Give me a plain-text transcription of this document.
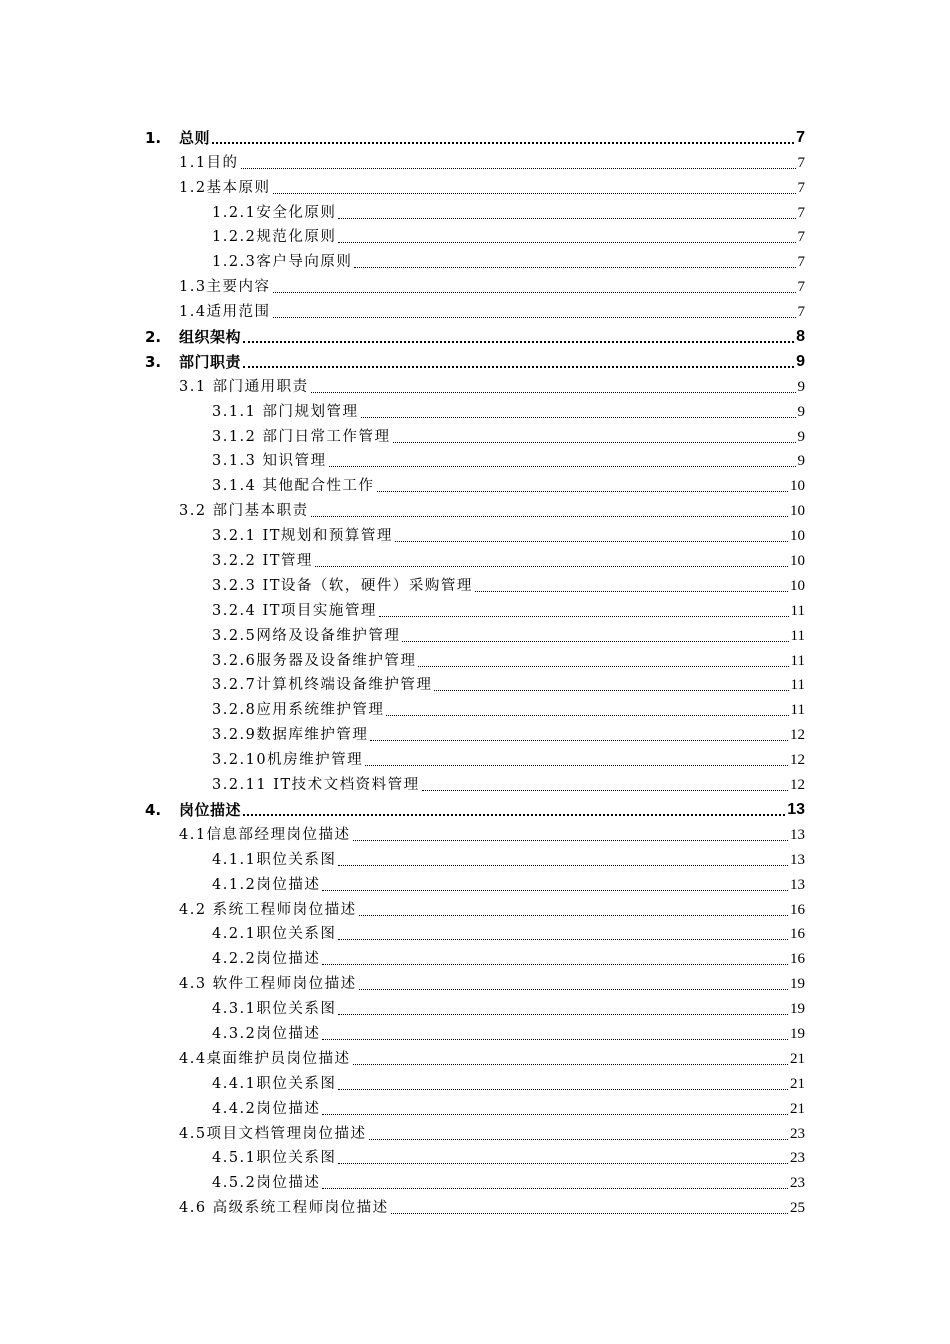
1. 总则	7
1.1目的	7
1.2基本原则	7
1.2.1安全化原则	7
1.2.2规范化原则	7
1.2.3客户导向原则	7
1.3主要内容	7
1.4适用范围	7
2. 组织架构	8
3. 部门职责	9
3.1 部门通用职责	9
3.1.1 部门规划管理	9
3.1.2 部门日常工作管理	9
3.1.3 知识管理	9
3.1.4 其他配合性工作	10
3.2 部门基本职责	10
3.2.1 IT规划和预算管理	10
3.2.2 IT管理	10
3.2.3 IT设备（软，硬件）采购管理	10
3.2.4 IT项目实施管理	11
3.2.5网络及设备维护管理	11
3.2.6服务器及设备维护管理	11
3.2.7计算机终端设备维护管理	11
3.2.8应用系统维护管理	11
3.2.9数据库维护管理	12
3.2.10机房维护管理	12
3.2.11 IT技术文档资料管理	12
4. 岗位描述	13
4.1信息部经理岗位描述	13
4.1.1职位关系图	13
4.1.2岗位描述	13
4.2 系统工程师岗位描述	16
4.2.1职位关系图	16
4.2.2岗位描述	16
4.3 软件工程师岗位描述	19
4.3.1职位关系图	19
4.3.2岗位描述	19
4.4桌面维护员岗位描述	21
4.4.1职位关系图	21
4.4.2岗位描述	21
4.5项目文档管理岗位描述	23
4.5.1职位关系图	23
4.5.2岗位描述	23
4.6 高级系统工程师岗位描述	25
